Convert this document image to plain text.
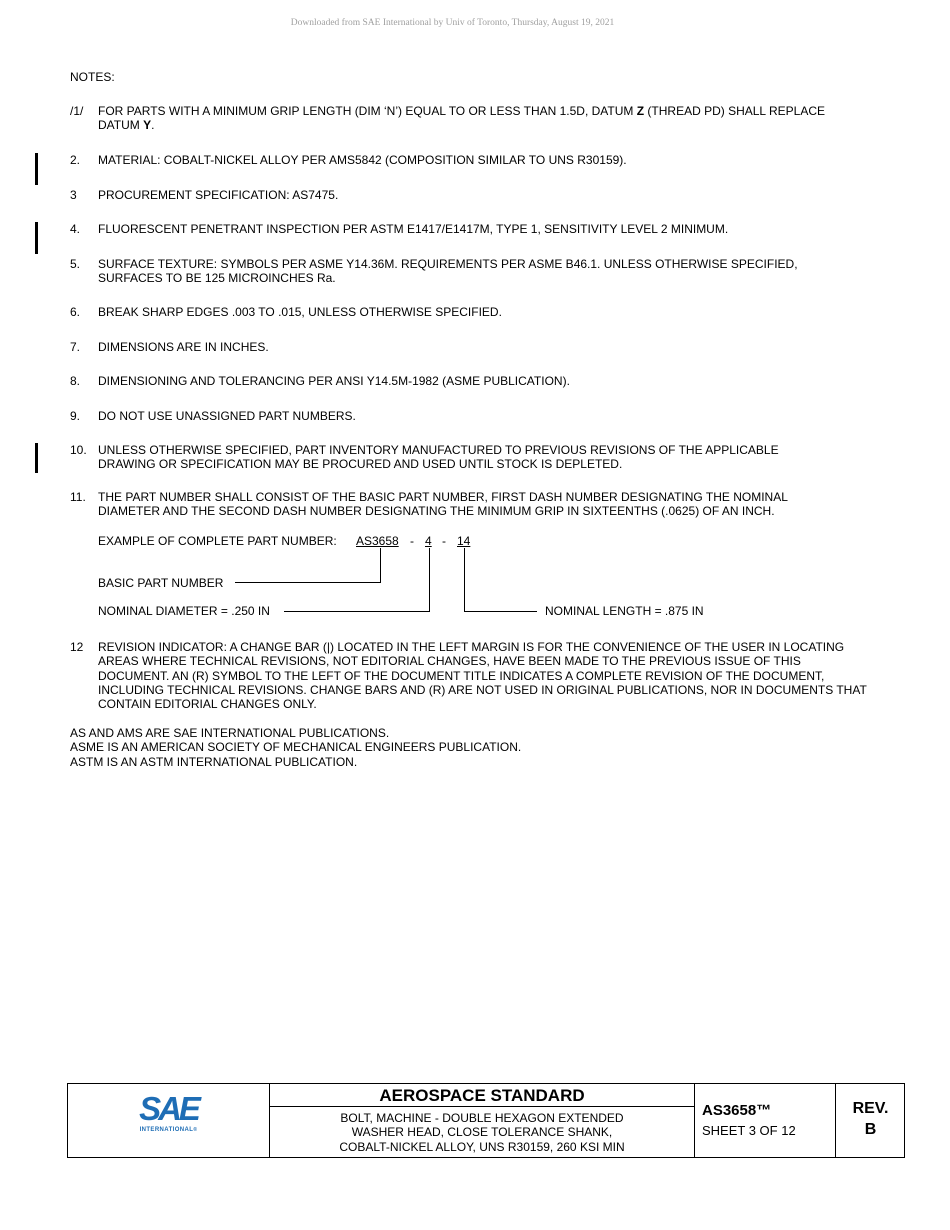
Downloaded from SAE International by Univ of Toronto, Thursday, August 19, 2021
NOTES:
/1/ FOR PARTS WITH A MINIMUM GRIP LENGTH (DIM ‘N’) EQUAL TO OR LESS THAN 1.5D, DATUM Z (THREAD PD) SHALL REPLACE DATUM Y.
2. MATERIAL: COBALT-NICKEL ALLOY PER AMS5842 (COMPOSITION SIMILAR TO UNS R30159).
3 PROCUREMENT SPECIFICATION: AS7475.
4. FLUORESCENT PENETRANT INSPECTION PER ASTM E1417/E1417M, TYPE 1, SENSITIVITY LEVEL 2 MINIMUM.
5. SURFACE TEXTURE: SYMBOLS PER ASME Y14.36M. REQUIREMENTS PER ASME B46.1. UNLESS OTHERWISE SPECIFIED, SURFACES TO BE 125 MICROINCHES Ra.
6. BREAK SHARP EDGES .003 TO .015, UNLESS OTHERWISE SPECIFIED.
7. DIMENSIONS ARE IN INCHES.
8. DIMENSIONING AND TOLERANCING PER ANSI Y14.5M-1982 (ASME PUBLICATION).
9. DO NOT USE UNASSIGNED PART NUMBERS.
10. UNLESS OTHERWISE SPECIFIED, PART INVENTORY MANUFACTURED TO PREVIOUS REVISIONS OF THE APPLICABLE DRAWING OR SPECIFICATION MAY BE PROCURED AND USED UNTIL STOCK IS DEPLETED.
11. THE PART NUMBER SHALL CONSIST OF THE BASIC PART NUMBER, FIRST DASH NUMBER DESIGNATING THE NOMINAL DIAMETER AND THE SECOND DASH NUMBER DESIGNATING THE MINIMUM GRIP IN SIXTEENTHS (.0625) OF AN INCH.
EXAMPLE OF COMPLETE PART NUMBER: AS3658 - 4 - 14
BASIC PART NUMBER
NOMINAL DIAMETER = .250 IN	NOMINAL LENGTH = .875 IN
12 REVISION INDICATOR: A CHANGE BAR (|) LOCATED IN THE LEFT MARGIN IS FOR THE CONVENIENCE OF THE USER IN LOCATING AREAS WHERE TECHNICAL REVISIONS, NOT EDITORIAL CHANGES, HAVE BEEN MADE TO THE PREVIOUS ISSUE OF THIS DOCUMENT. AN (R) SYMBOL TO THE LEFT OF THE DOCUMENT TITLE INDICATES A COMPLETE REVISION OF THE DOCUMENT, INCLUDING TECHNICAL REVISIONS. CHANGE BARS AND (R) ARE NOT USED IN ORIGINAL PUBLICATIONS, NOR IN DOCUMENTS THAT CONTAIN EDITORIAL CHANGES ONLY.
AS AND AMS ARE SAE INTERNATIONAL PUBLICATIONS.
ASME IS AN AMERICAN SOCIETY OF MECHANICAL ENGINEERS PUBLICATION.
ASTM IS AN ASTM INTERNATIONAL PUBLICATION.
SAE
INTERNATIONAL®
AEROSPACE STANDARD
BOLT, MACHINE - DOUBLE HEXAGON EXTENDED
WASHER HEAD, CLOSE TOLERANCE SHANK,
COBALT-NICKEL ALLOY, UNS R30159, 260 KSI MIN
AS3658™
SHEET 3 OF 12
REV.
B
